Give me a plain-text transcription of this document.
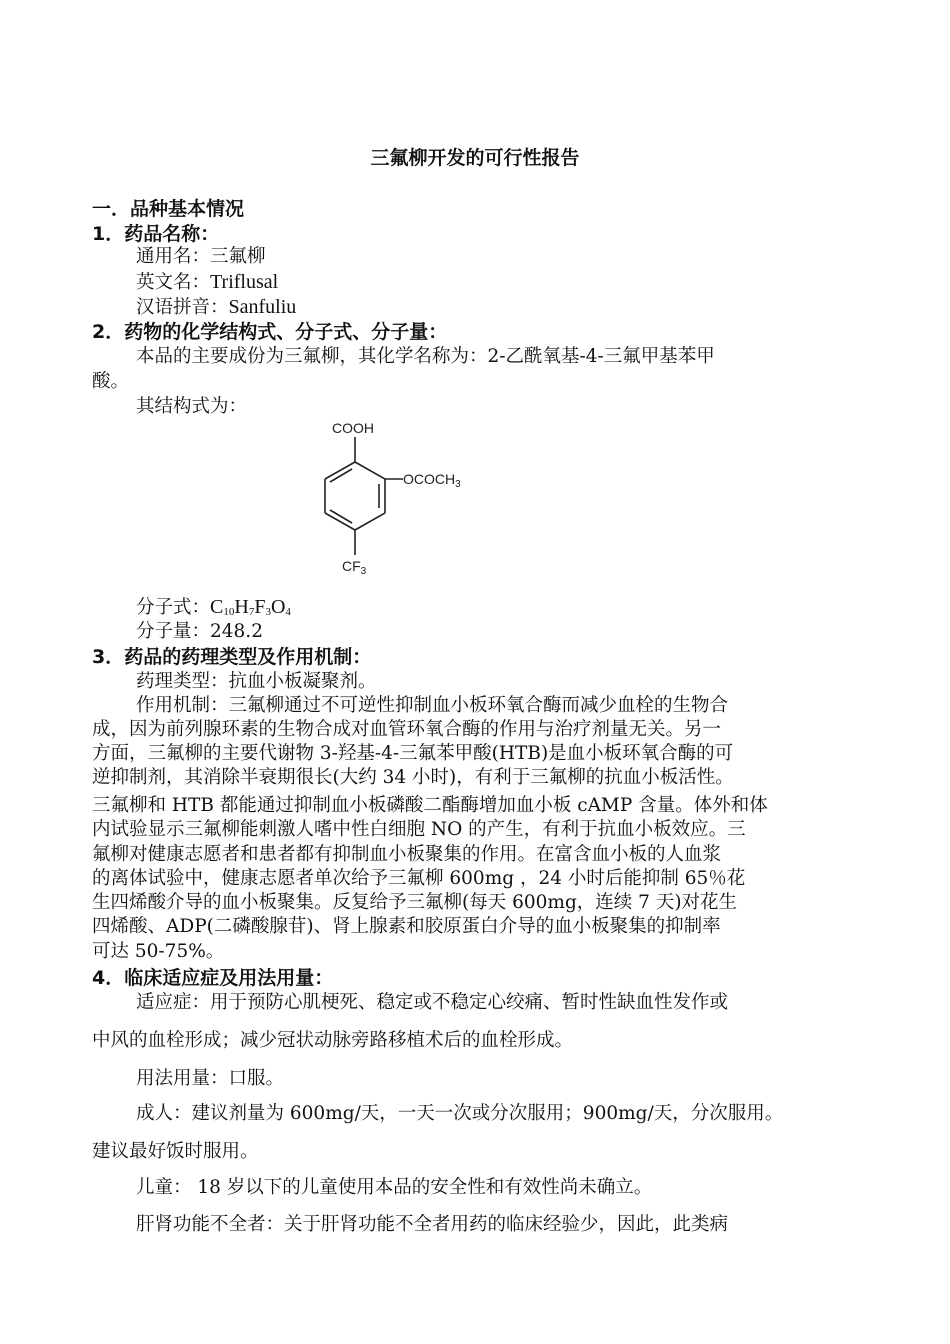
三氟柳开发的可行性报告
一．品种基本情况
1．药品名称：
通用名：三氟柳
英文名：Triflusal
汉语拼音：Sanfuliu
2．药物的化学结构式、分子式、分子量：
本品的主要成份为三氟柳，其化学名称为：2-乙酰氧基-4-三氟甲基苯甲
酸。
其结构式为：
COOH
$OCOCH_3$
$CF_3$
分子式：$C_{10}H_7F_3O_4$
分子量：248.2
3．药品的药理类型及作用机制：
药理类型：抗血小板凝聚剂。
作用机制：三氟柳通过不可逆性抑制血小板环氧合酶而减少血栓的生物合
成，因为前列腺环素的生物合成对血管环氧合酶的作用与治疗剂量无关。另一
方面，三氟柳的主要代谢物 3-羟基-4-三氟苯甲酸(HTB)是血小板环氧合酶的可
逆抑制剂，其消除半衰期很长(大约 34 小时)，有利于三氟柳的抗血小板活性。
三氟柳和 HTB 都能通过抑制血小板磷酸二酯酶增加血小板 cAMP 含量。体外和体
内试验显示三氟柳能刺激人嗜中性白细胞 NO 的产生，有利于抗血小板效应。三
氟柳对健康志愿者和患者都有抑制血小板聚集的作用。在富含血小板的人血浆
的离体试验中，健康志愿者单次给予三氟柳 600mg ，24 小时后能抑制 65％花
生四烯酸介导的血小板聚集。反复给予三氟柳(每天 600mg，连续 7 天)对花生
四烯酸、ADP(二磷酸腺苷)、肾上腺素和胶原蛋白介导的血小板聚集的抑制率
可达 50-75%。
4．临床适应症及用法用量：
适应症：用于预防心肌梗死、稳定或不稳定心绞痛、暂时性缺血性发作或
中风的血栓形成；减少冠状动脉旁路移植术后的血栓形成。
用法用量：口服。
成人：建议剂量为 600mg/天，一天一次或分次服用；900mg/天，分次服用。
建议最好饭时服用。
儿童： 18 岁以下的儿童使用本品的安全性和有效性尚未确立。
肝肾功能不全者：关于肝肾功能不全者用药的临床经验少，因此，此类病
